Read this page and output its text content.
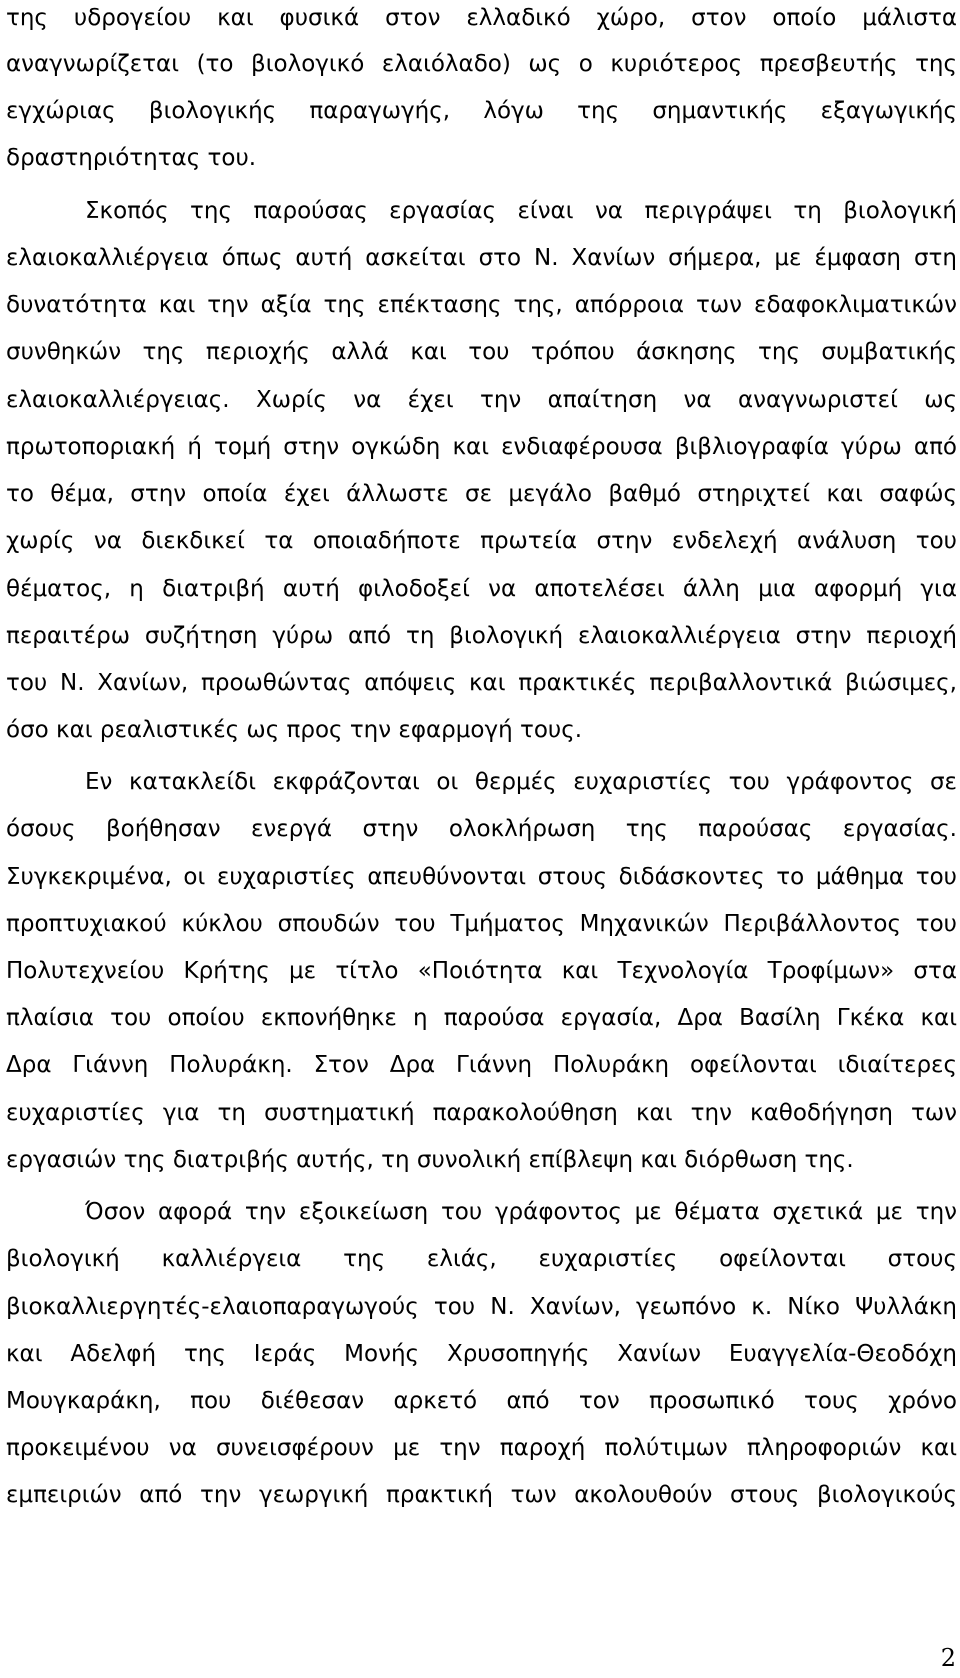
της υδρογείου και φυσικά στον ελλαδικό χώρο, στον οποίο μάλιστα
αναγνωρίζεται (το βιολογικό ελαιόλαδο) ως ο κυριότερος πρεσβευτής της
εγχώριας βιολογικής παραγωγής, λόγω της σημαντικής εξαγωγικής
δραστηριότητας του.
Σκοπός της παρούσας εργασίας είναι να περιγράψει τη βιολογική
ελαιοκαλλιέργεια όπως αυτή ασκείται στο Ν. Χανίων σήμερα, με έμφαση στη
δυνατότητα και την αξία της επέκτασης της, απόρροια των εδαφοκλιματικών
συνθηκών της περιοχής αλλά και του τρόπου άσκησης της συμβατικής
ελαιοκαλλιέργειας. Χωρίς να έχει την απαίτηση να αναγνωριστεί ως
πρωτοποριακή ή τομή στην ογκώδη και ενδιαφέρουσα βιβλιογραφία γύρω από
το θέμα, στην οποία έχει άλλωστε σε μεγάλο βαθμό στηριχτεί και σαφώς
χωρίς να διεκδικεί τα οποιαδήποτε πρωτεία στην ενδελεχή ανάλυση του
θέματος, η διατριβή αυτή φιλοδοξεί να αποτελέσει άλλη μια αφορμή για
περαιτέρω συζήτηση γύρω από τη βιολογική ελαιοκαλλιέργεια στην περιοχή
του Ν. Χανίων, προωθώντας απόψεις και πρακτικές περιβαλλοντικά βιώσιμες,
όσο και ρεαλιστικές ως προς την εφαρμογή τους.
Εν κατακλείδι εκφράζονται οι θερμές ευχαριστίες του γράφοντος σε
όσους βοήθησαν ενεργά στην ολοκλήρωση της παρούσας εργασίας.
Συγκεκριμένα, οι ευχαριστίες απευθύνονται στους διδάσκοντες το μάθημα του
προπτυχιακού κύκλου σπουδών του Τμήματος Μηχανικών Περιβάλλοντος του
Πολυτεχνείου Κρήτης με τίτλο «Ποιότητα και Τεχνολογία Τροφίμων» στα
πλαίσια του οποίου εκπονήθηκε η παρούσα εργασία, Δρα Βασίλη Γκέκα και
Δρα Γιάννη Πολυράκη. Στον Δρα Γιάννη Πολυράκη οφείλονται ιδιαίτερες
ευχαριστίες για τη συστηματική παρακολούθηση και την καθοδήγηση των
εργασιών της διατριβής αυτής, τη συνολική επίβλεψη και διόρθωση της.
Όσον αφορά την εξοικείωση του γράφοντος με θέματα σχετικά με την
βιολογική καλλιέργεια της ελιάς, ευχαριστίες οφείλονται στους
βιοκαλλιεργητές-ελαιοπαραγωγούς του Ν. Χανίων, γεωπόνο κ. Νίκο Ψυλλάκη
και Αδελφή της Ιεράς Μονής Χρυσοπηγής Χανίων Ευαγγελία-Θεοδόχη
Μουγκαράκη, που διέθεσαν αρκετό από τον προσωπικό τους χρόνο
προκειμένου να συνεισφέρουν με την παροχή πολύτιμων πληροφοριών και
εμπειριών από την γεωργική πρακτική των ακολουθούν στους βιολογικούς
2
